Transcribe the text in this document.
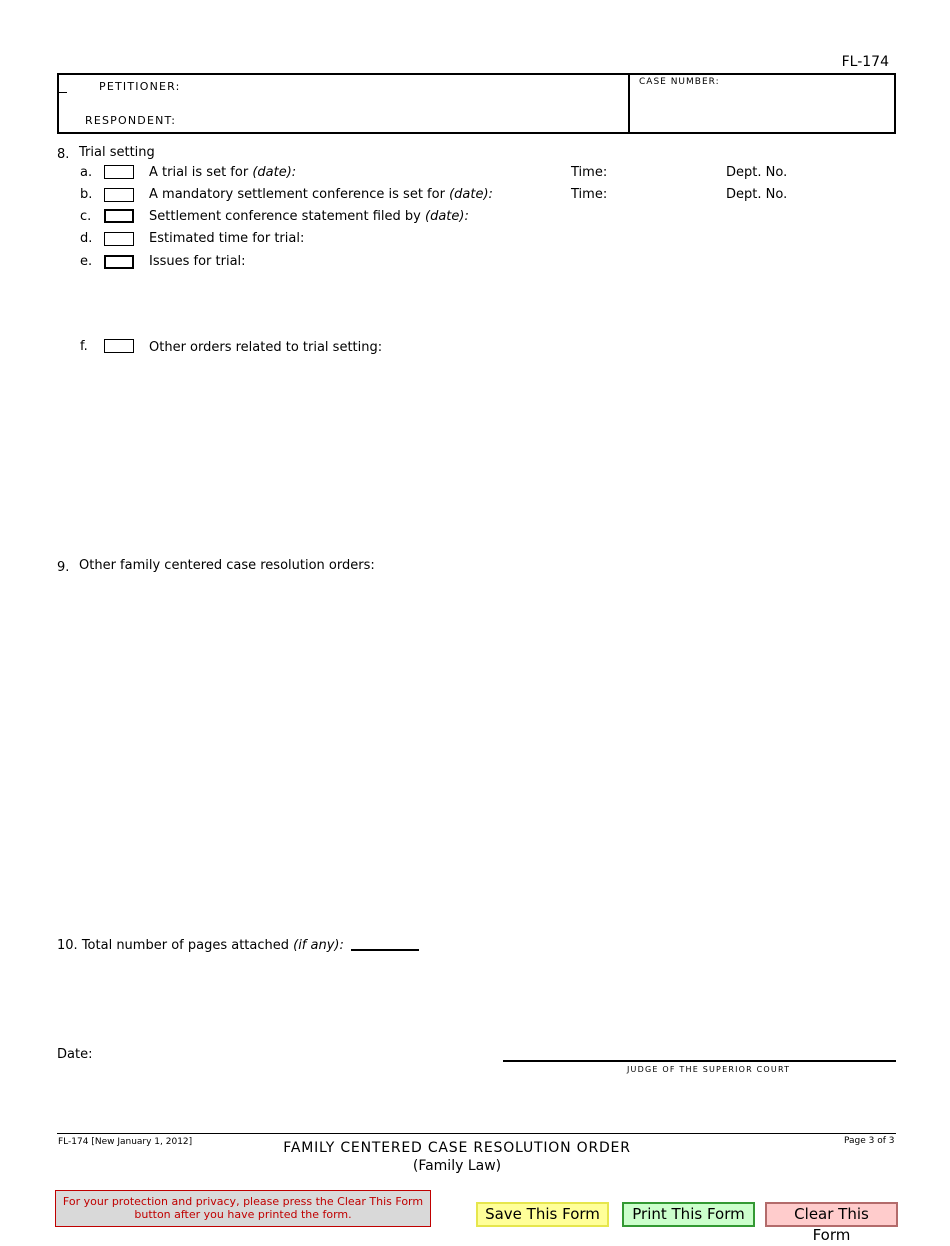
FL-174
PETITIONER:
RESPONDENT:
CASE NUMBER:
8. Trial setting
a.	A trial is set for (date):	Time:	Dept. No.
b.	A mandatory settlement conference is set for (date):	Time:	Dept. No.
c.	Settlement conference statement filed by (date):
d.	Estimated time for trial:
e.	Issues for trial:
f.	Other orders related to trial setting:
9. Other family centered case resolution orders:
10. Total number of pages attached (if any):
Date:
JUDGE OF THE SUPERIOR COURT
FL-174 [New January 1, 2012]	FAMILY CENTERED CASE RESOLUTION ORDER
(Family Law)
Page 3 of 3
For your protection and privacy, please press the Clear This Form button after you have printed the form.	Save This Form	Print This Form	Clear This Form
